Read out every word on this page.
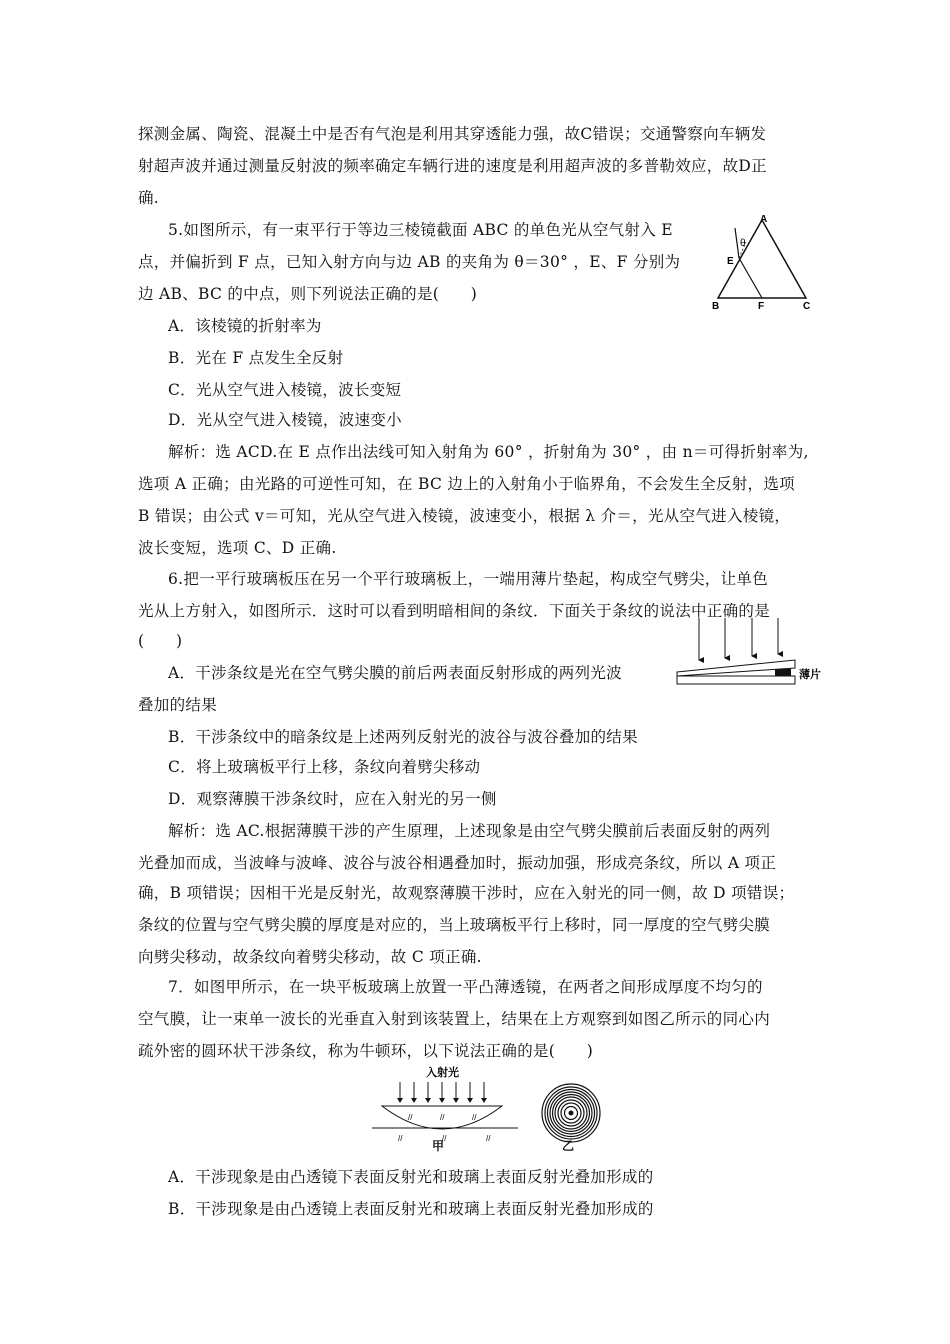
探测金属、陶瓷、混凝土中是否有气泡是利用其穿透能力强，故C错误；交通警察向车辆发
射超声波并通过测量反射波的频率确定车辆行进的速度是利用超声波的多普勒效应，故D正
确.
5.如图所示，有一束平行于等边三棱镜截面 ABC 的单色光从空气射入 E
点，并偏折到 F 点，已知入射方向与边 AB 的夹角为 θ＝30° ，E、F 分别为
边 AB、BC 的中点，则下列说法正确的是(　　)
A．该棱镜的折射率为
B．光在 F 点发生全反射
C．光从空气进入棱镜，波长变短
D．光从空气进入棱镜，波速变小
解析：选 ACD.在 E 点作出法线可知入射角为 60° ，折射角为 30° ，由 n＝可得折射率为,
选项 A 正确；由光路的可逆性可知，在 BC 边上的入射角小于临界角，不会发生全反射，选项
B 错误；由公式 v＝可知，光从空气进入棱镜，波速变小，根据 λ 介＝，光从空气进入棱镜，
波长变短，选项 C、D 正确.
6.把一平行玻璃板压在另一个平行玻璃板上，一端用薄片垫起，构成空气劈尖，让单色
光从上方射入，如图所示．这时可以看到明暗相间的条纹．下面关于条纹的说法中正确的是
(　　)
A．干涉条纹是光在空气劈尖膜的前后两表面反射形成的两列光波
叠加的结果
B．干涉条纹中的暗条纹是上述两列反射光的波谷与波谷叠加的结果
C．将上玻璃板平行上移，条纹向着劈尖移动
D．观察薄膜干涉条纹时，应在入射光的另一侧
解析：选 AC.根据薄膜干涉的产生原理，上述现象是由空气劈尖膜前后表面反射的两列
光叠加而成，当波峰与波峰、波谷与波谷相遇叠加时，振动加强，形成亮条纹，所以 A 项正
确，B 项错误；因相干光是反射光，故观察薄膜干涉时，应在入射光的同一侧，故 D 项错误；
条纹的位置与空气劈尖膜的厚度是对应的，当上玻璃板平行上移时，同一厚度的空气劈尖膜
向劈尖移动，故条纹向着劈尖移动，故 C 项正确.
7．如图甲所示，在一块平板玻璃上放置一平凸薄透镜，在两者之间形成厚度不均匀的
空气膜，让一束单一波长的光垂直入射到该装置上，结果在上方观察到如图乙所示的同心内
疏外密的圆环状干涉条纹，称为牛顿环，以下说法正确的是(　　)
A．干涉现象是由凸透镜下表面反射光和玻璃上表面反射光叠加形成的
B．干涉现象是由凸透镜上表面反射光和玻璃上表面反射光叠加形成的
A
θ
E
B	F	C
薄片
入射光
//	//	//
//	//	//
甲	乙
